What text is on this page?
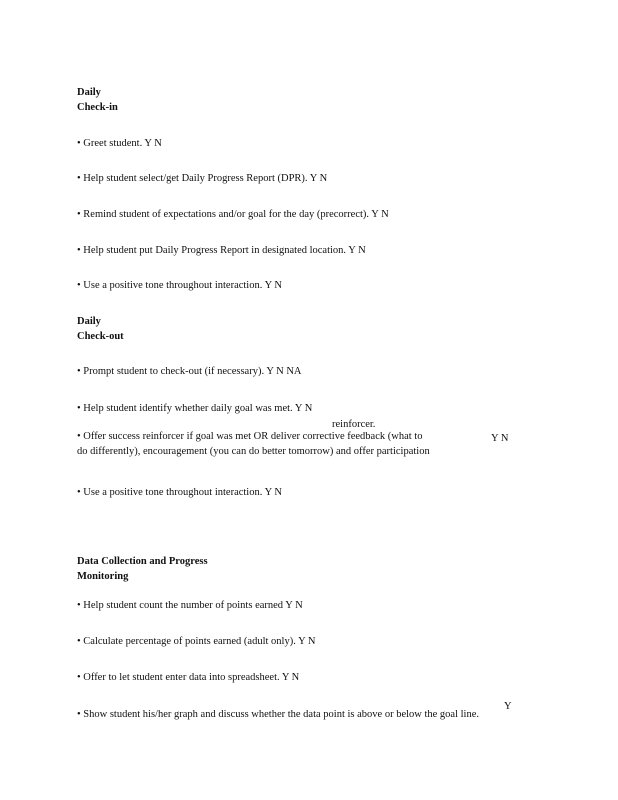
Daily
Check-in

• Greet student. Y N

• Help student select/get Daily Progress Report (DPR). Y N

• Remind student of expectations and/or goal for the day (precorrect). Y N

• Help student put Daily Progress Report in designated location. Y N

• Use a positive tone throughout interaction. Y N

Daily
Check-out

• Prompt student to check-out (if necessary). Y N NA

• Help student identify whether daily goal was met. Y N

reinforcer.

• Offer success reinforcer if goal was met OR deliver corrective feedback (what to	Y N

do differently), encouragement (you can do better tomorrow) and offer participation

• Use a positive tone throughout interaction. Y N

Data Collection and Progress
Monitoring

• Help student count the number of points earned Y N

• Calculate percentage of points earned (adult only). Y N

• Offer to let student enter data into spreadsheet. Y N

• Show student his/her graph and discuss whether the data point is above or below the goal line.

Y
